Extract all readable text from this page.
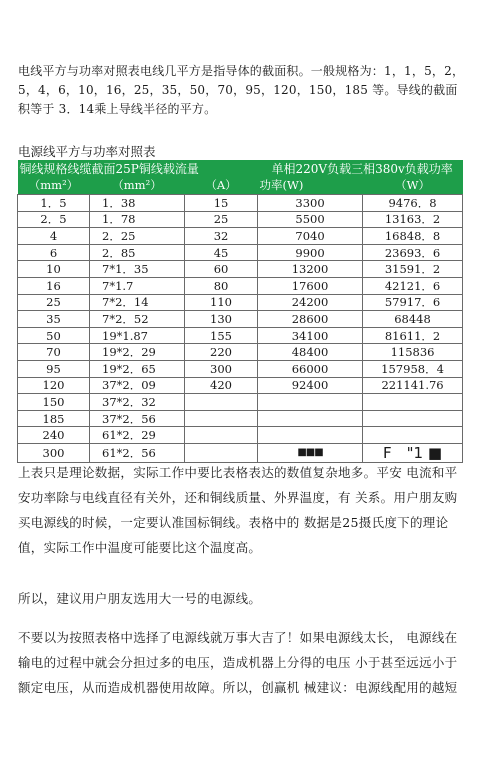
电线平方与功率对照表电线几平方是指导体的截面积。一般规格为：1，1，5，2，5，4，6，10，16，25，35，50，70，95，120，150，185 等。导线的截面积等于 3．14乘上导线半径的平方。
电源线平方与功率对照表
铜线规格线缆截面25P铜线载流量			单相220V负载三相380v负载功率	
（mm²）	（mm²）	（A）	功率(W)	（W）
1．5	1．38	15	3300	9476．8
2．5	1．78	25	5500	13163．2
4	2．25	32	7040	16848．8
6	2．85	45	9900	23693．6
10	7*1．35	60	13200	31591．2
16	7*1.7	80	17600	42121．6
25	7*2．14	110	24200	57917．6
35	7*2．52	130	28600	68448
50	19*1.87	155	34100	81611．2
70	19*2．29	220	48400	115836
95	19*2．65	300	66000	157958．4
120	37*2．09	420	92400	221141.76
150	37*2．32			
185	37*2．56			
240	61*2．29			
300	61*2．56		■■■	F　"1 ■
上表只是理论数据，实际工作中要比表格表达的数值复杂地多。平安 电流和平安功率除与电线直径有关外，还和铜线质量、外界温度，有 关系。用户朋友购买电源线的时候，一定要认准国标铜线。表格中的 数据是25摄氏度下的理论值，实际工作中温度可能要比这个温度高。
所以，建议用户朋友选用大一号的电源线。
不要以为按照表格中选择了电源线就万事大吉了！如果电源线太长， 电源线在输电的过程中就会分担过多的电压，造成机器上分得的电压 小于甚至远远小于额定电压，从而造成机器使用故障。所以，创赢机 械建议：电源线配用的越短
